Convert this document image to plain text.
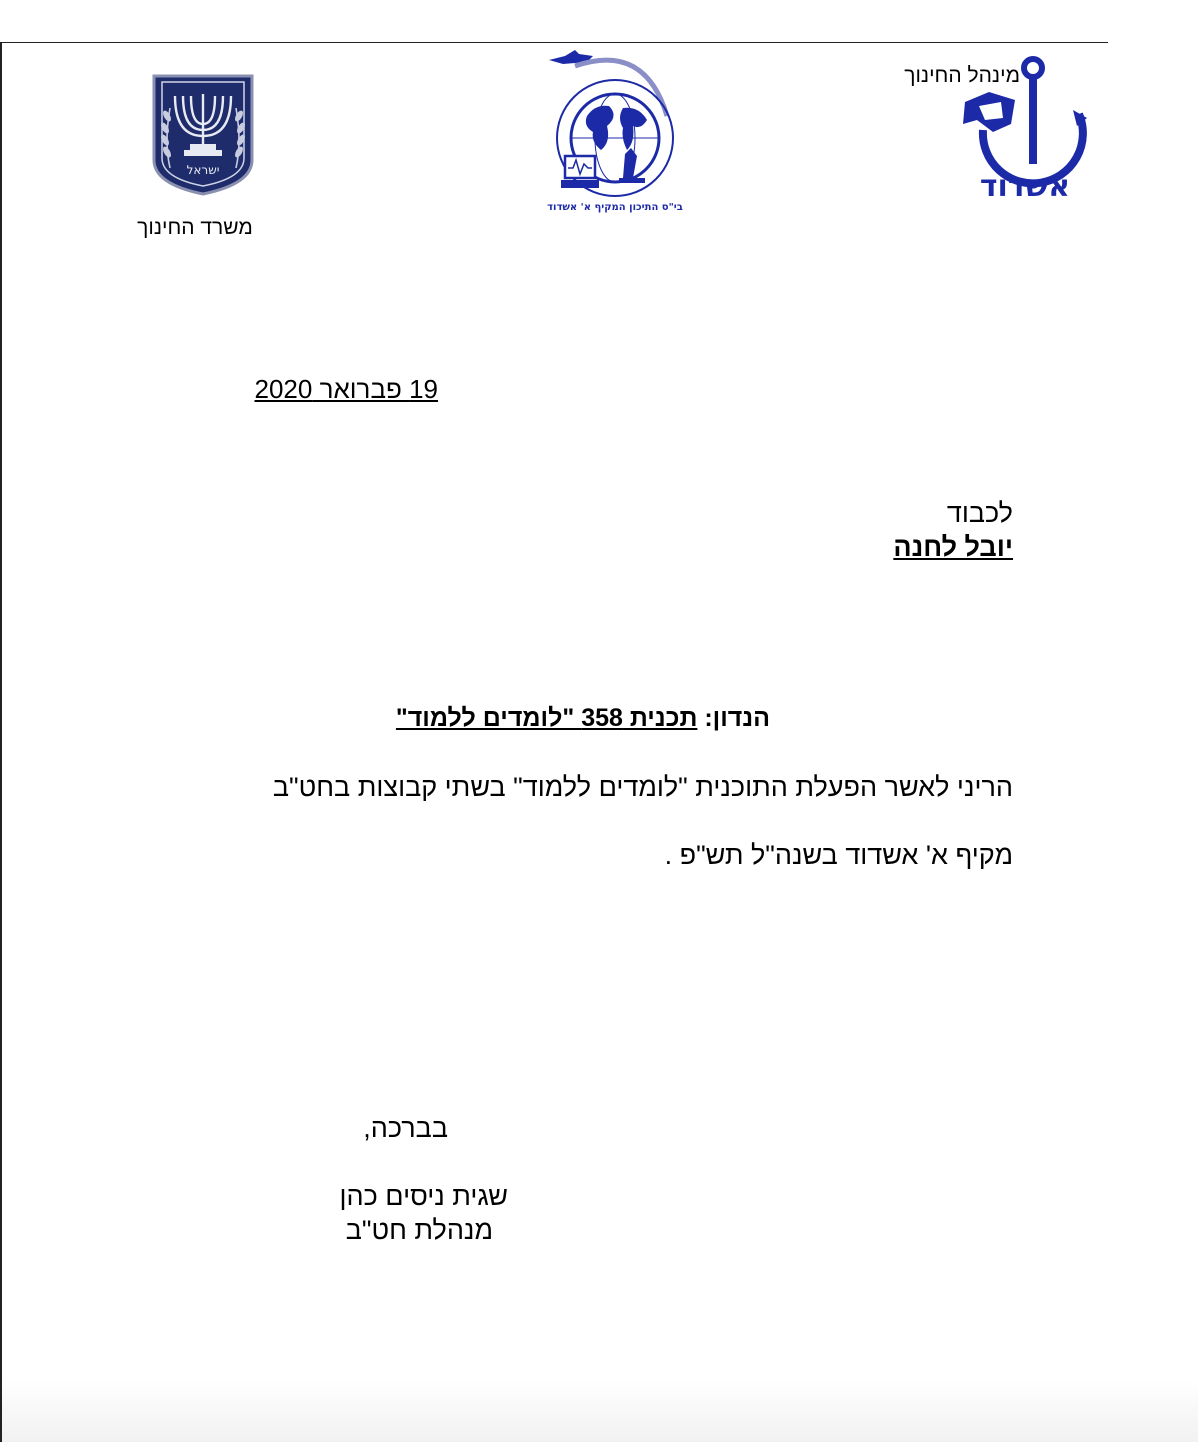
ישראל
משרד החינוך
בי"ס התיכון המקיף א' אשדוד
אשדוד
מינהל החינוך
19 פברואר 2020
לכבוד
יובל לחנה
הנדון: תכנית 358 "לומדים ללמוד"
הריני לאשר הפעלת התוכנית "לומדים ללמוד" בשתי קבוצות בחט"ב
מקיף א' אשדוד בשנה"ל תש"פ .
בברכה,
שגית ניסים כהן
מנהלת חט"ב
